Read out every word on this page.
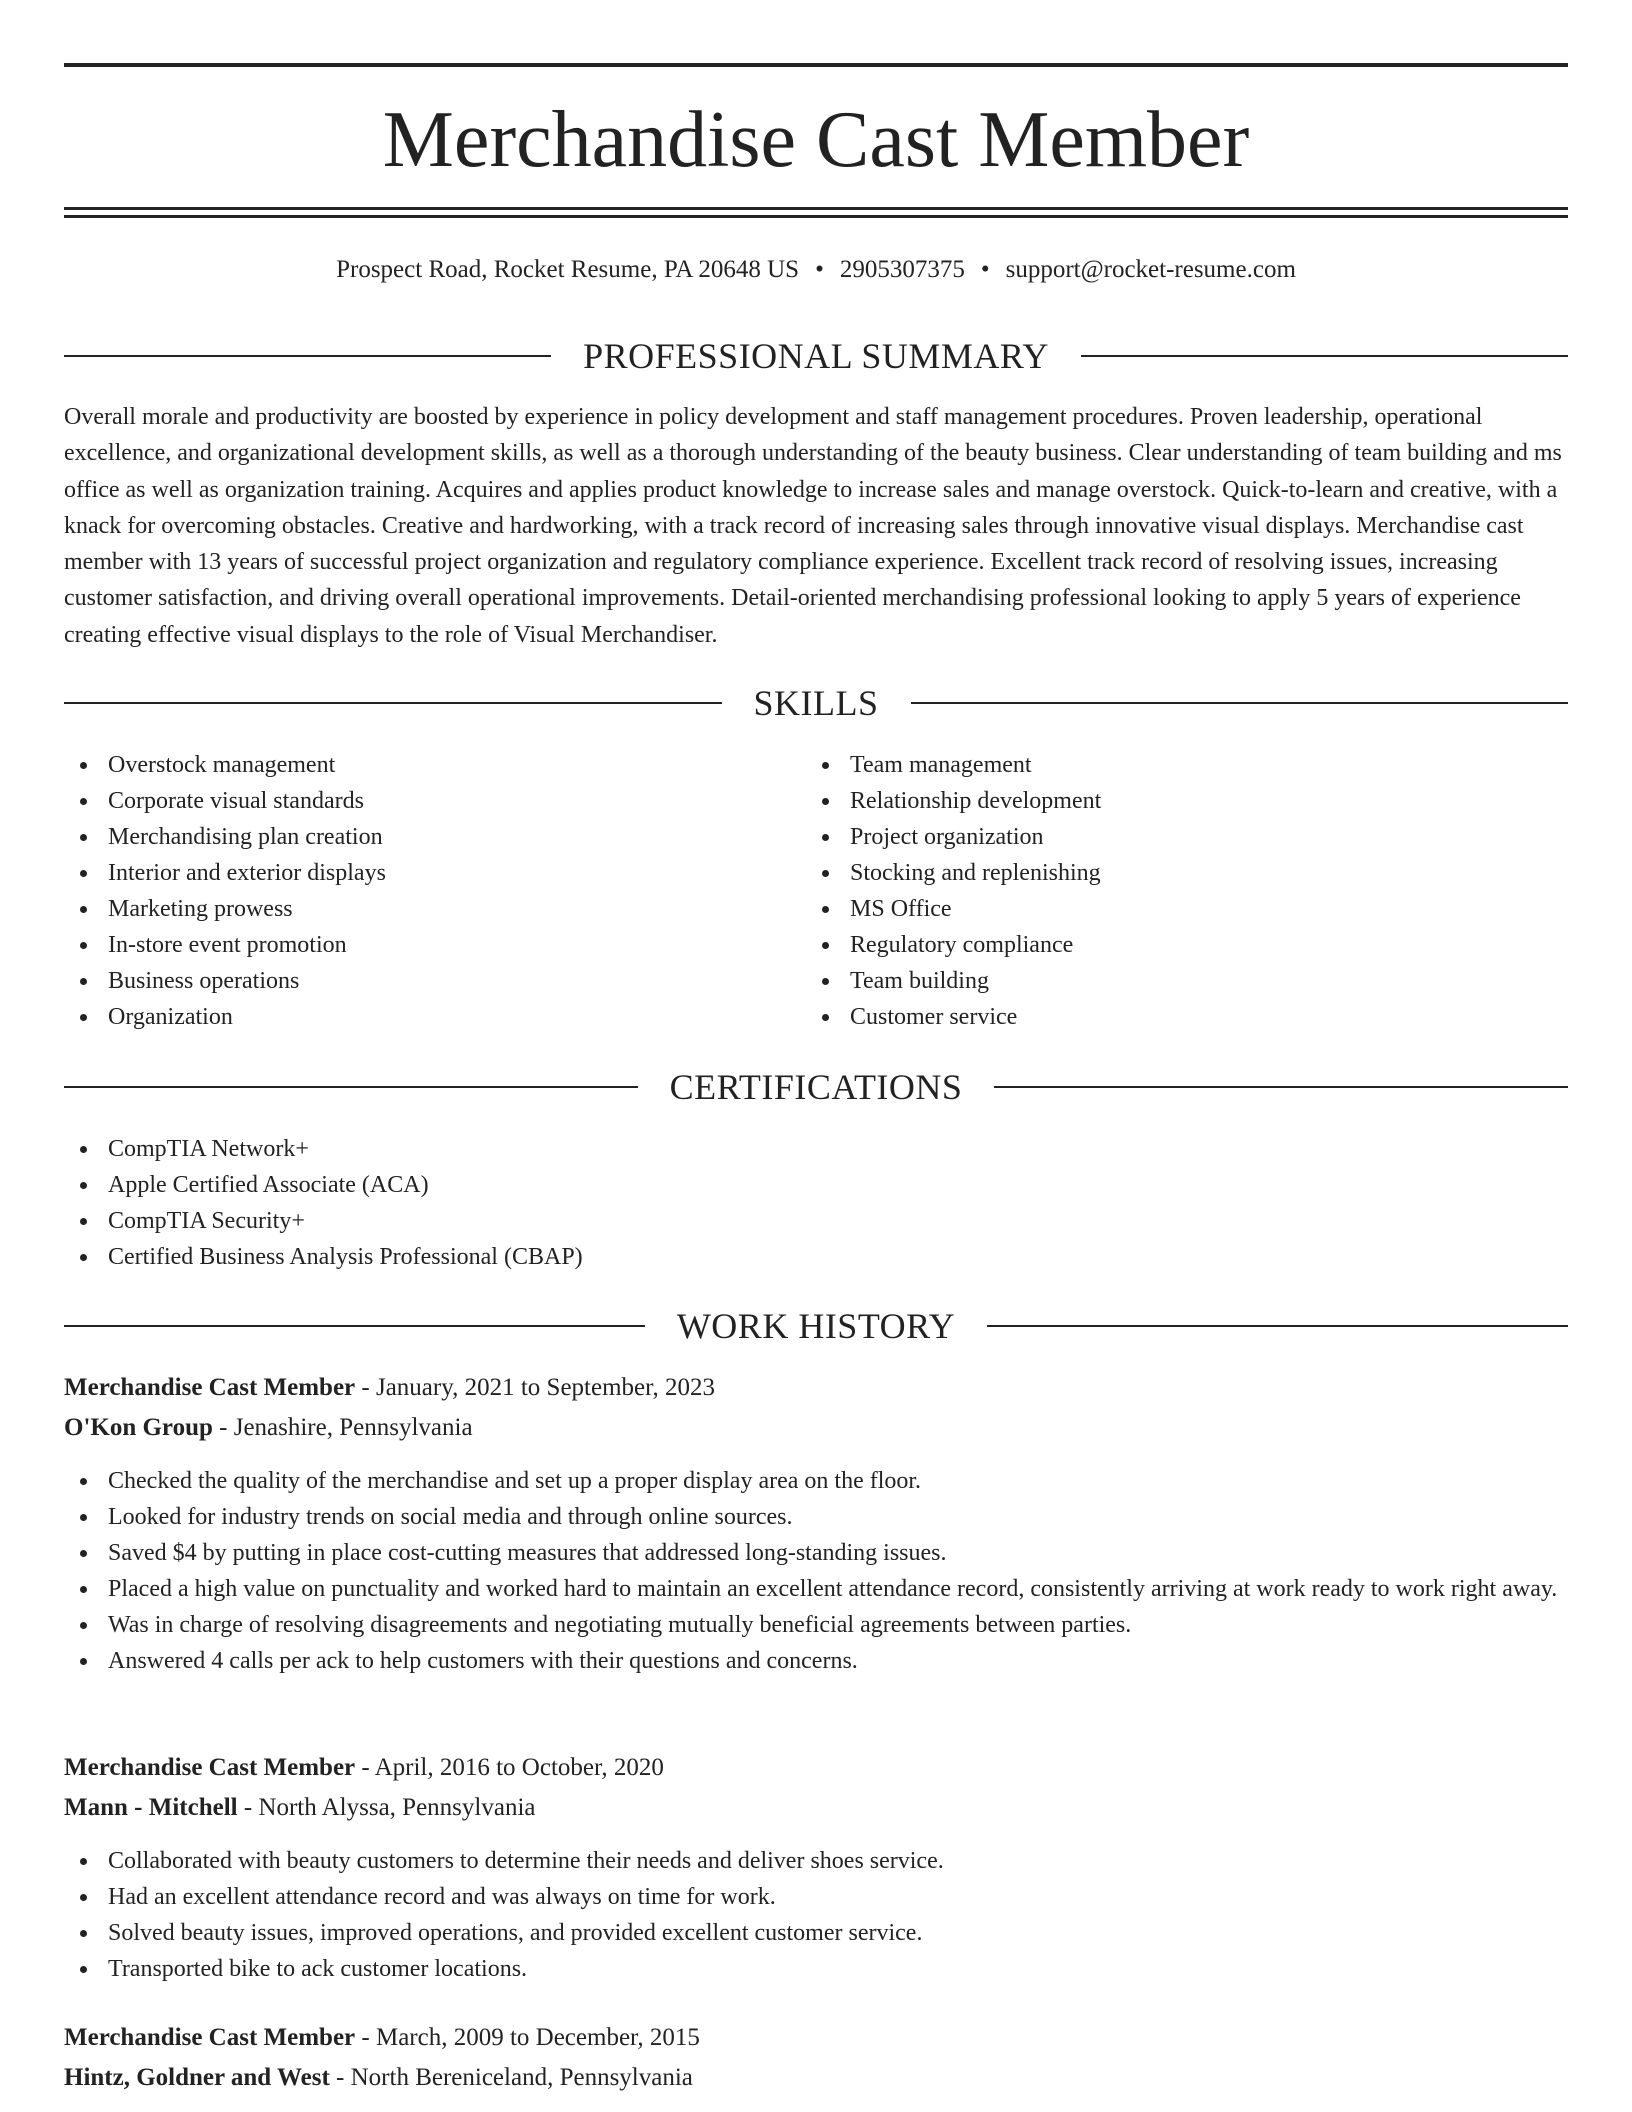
Merchandise Cast Member
Prospect Road, Rocket Resume, PA 20648 US • 2905307375 • support@rocket-resume.com
PROFESSIONAL SUMMARY

Overall morale and productivity are boosted by experience in policy development and staff management procedures. Proven leadership, operational excellence, and organizational development skills, as well as a thorough understanding of the beauty business. Clear understanding of team building and ms office as well as organization training. Acquires and applies product knowledge to increase sales and manage overstock. Quick-to-learn and creative, with a knack for overcoming obstacles. Creative and hardworking, with a track record of increasing sales through innovative visual displays. Merchandise cast member with 13 years of successful project organization and regulatory compliance experience. Excellent track record of resolving issues, increasing customer satisfaction, and driving overall operational improvements. Detail-oriented merchandising professional looking to apply 5 years of experience creating effective visual displays to the role of Visual Merchandiser.

SKILLS
Overstock management
Corporate visual standards
Merchandising plan creation
Interior and exterior displays
Marketing prowess
In-store event promotion
Business operations
Organization
Team management
Relationship development
Project organization
Stocking and replenishing
MS Office
Regulatory compliance
Team building
Customer service
CERTIFICATIONS
CompTIA Network+
Apple Certified Associate (ACA)
CompTIA Security+
Certified Business Analysis Professional (CBAP)
WORK HISTORY
Merchandise Cast Member - January, 2021 to September, 2023
O'Kon Group - Jenashire, Pennsylvania
Checked the quality of the merchandise and set up a proper display area on the floor.
Looked for industry trends on social media and through online sources.
Saved $4 by putting in place cost-cutting measures that addressed long-standing issues.
Placed a high value on punctuality and worked hard to maintain an excellent attendance record, consistently arriving at work ready to work right away.
Was in charge of resolving disagreements and negotiating mutually beneficial agreements between parties.
Answered 4 calls per ack to help customers with their questions and concerns.
Merchandise Cast Member - April, 2016 to October, 2020
Mann - Mitchell - North Alyssa, Pennsylvania
Collaborated with beauty customers to determine their needs and deliver shoes service.
Had an excellent attendance record and was always on time for work.
Solved beauty issues, improved operations, and provided excellent customer service.
Transported bike to ack customer locations.
Merchandise Cast Member - March, 2009 to December, 2015
Hintz, Goldner and West - North Bereniceland, Pennsylvania
